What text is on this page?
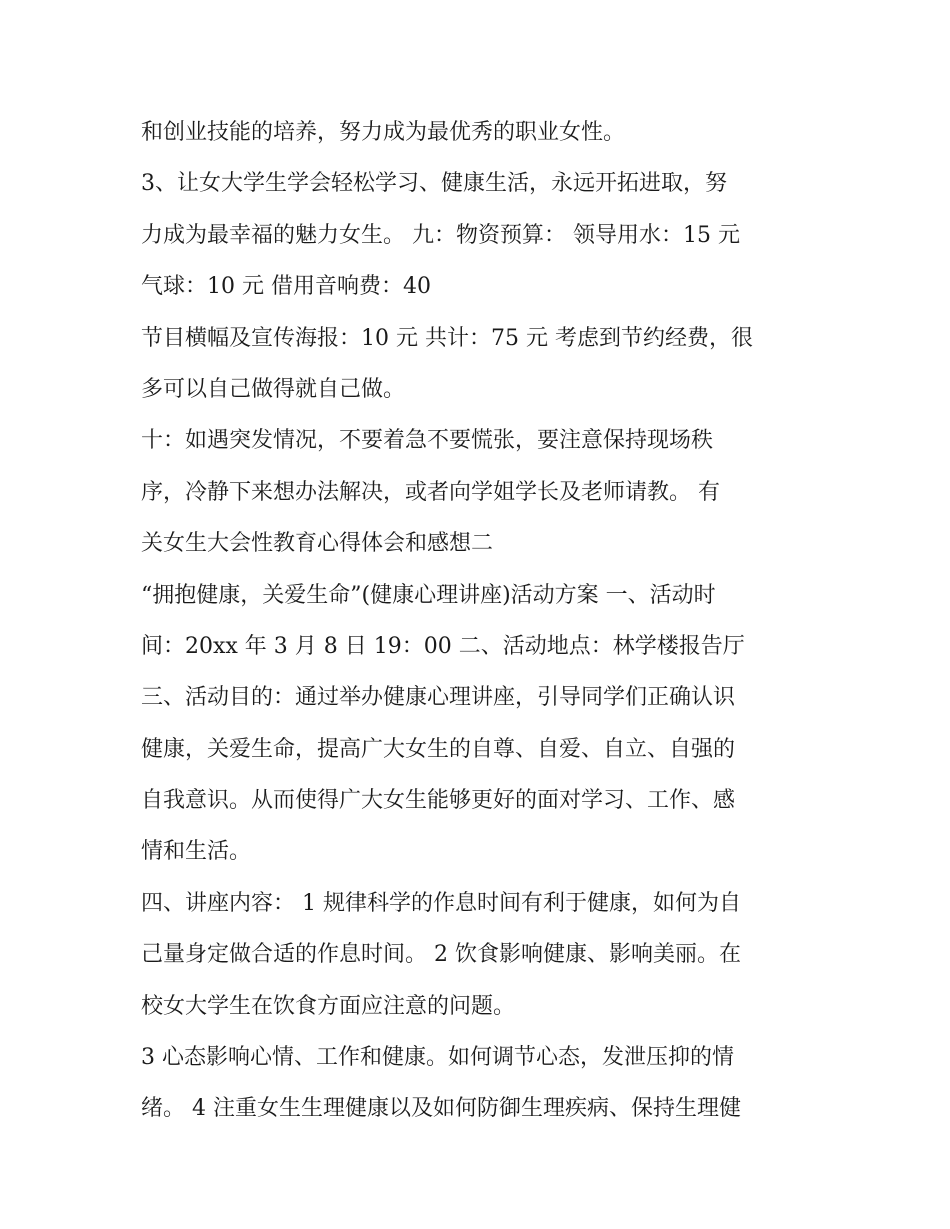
和创业技能的培养，努力成为最优秀的职业女性。
3、让女大学生学会轻松学习、健康生活，永远开拓进取，努
力成为最幸福的魅力女生。 九：物资预算： 领导用水：15 元
气球：10 元 借用音响费：40
节目横幅及宣传海报：10 元 共计：75 元 考虑到节约经费，很
多可以自己做得就自己做。
十：如遇突发情况，不要着急不要慌张，要注意保持现场秩
序，冷静下来想办法解决，或者向学姐学长及老师请教。 有
关女生大会性教育心得体会和感想二
“拥抱健康，关爱生命”(健康心理讲座)活动方案 一、活动时
间：20xx 年 3 月 8 日 19：00 二、活动地点：林学楼报告厅
三、活动目的：通过举办健康心理讲座，引导同学们正确认识
健康，关爱生命，提高广大女生的自尊、自爱、自立、自强的
自我意识。从而使得广大女生能够更好的面对学习、工作、感
情和生活。
四、讲座内容： 1 规律科学的作息时间有利于健康，如何为自
己量身定做合适的作息时间。 2 饮食影响健康、影响美丽。在
校女大学生在饮食方面应注意的问题。
3 心态影响心情、工作和健康。如何调节心态，发泄压抑的情
绪。 4 注重女生生理健康以及如何防御生理疾病、保持生理健
